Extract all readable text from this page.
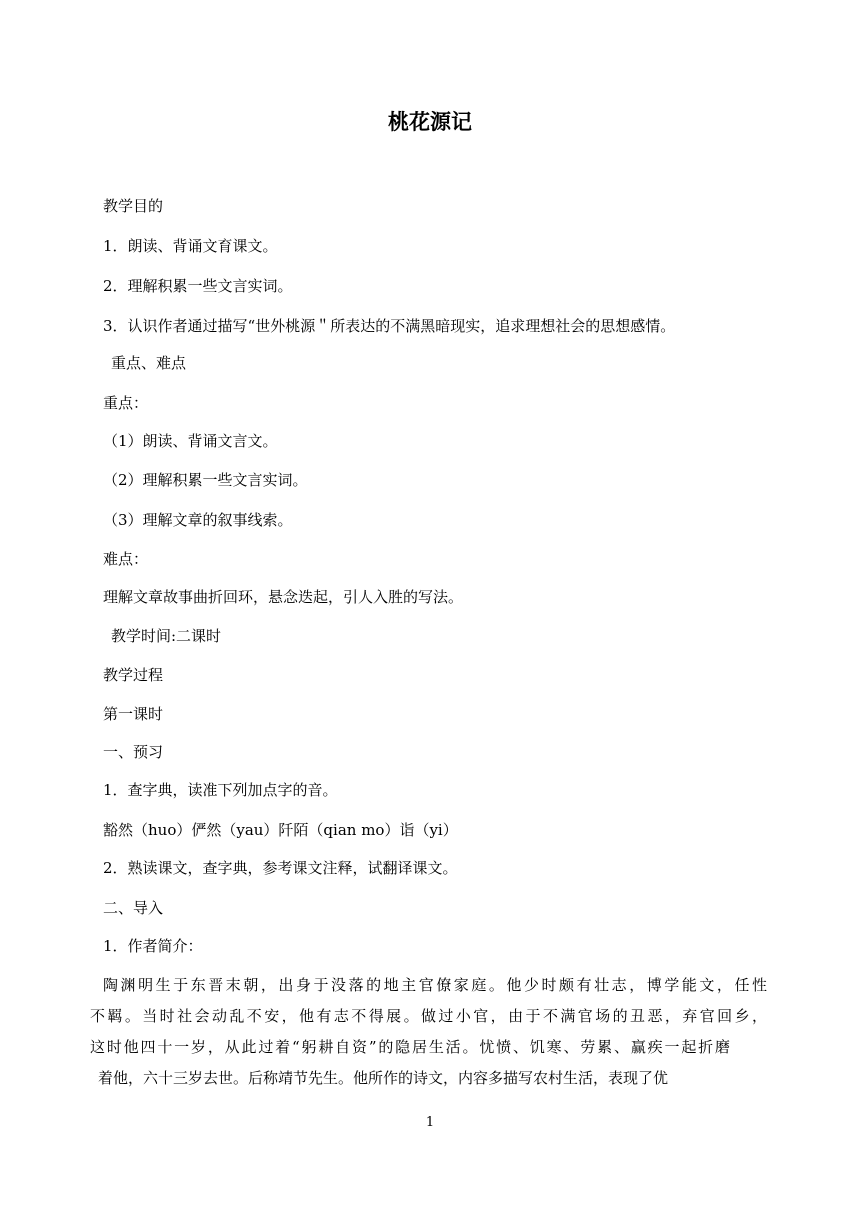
桃花源记

教学目的

1．朗读、背诵文育课文。

2．理解积累一些文言实词。

3．认识作者通过描写“世外桃源＂所表达的不满黑暗现实，追求理想社会的思想感情。

重点、难点

重点：

（1）朗读、背诵文言文。

（2）理解积累一些文言实词。

（3）理解文章的叙事线索。

难点：

理解文章故事曲折回环，悬念迭起，引人入胜的写法。

教学时间:二课时

教学过程

第一课时

一、预习

1．查字典，读准下列加点字的音。

豁然（huo）俨然（yau）阡陌（qian mo）诣（yi）

2．熟读课文，查字典，参考课文注释，试翻译课文。

二、导入

1．作者简介：

陶渊明生于东晋末朝，出身于没落的地主官僚家庭。他少时颇有壮志，博学能文，任性
不羁。当时社会动乱不安，他有志不得展。做过小官，由于不满官场的丑恶，弃官回乡，
这时他四十一岁，从此过着“躬耕自资”的隐居生活。忧愤、饥寒、劳累、赢疾一起折磨
着他，六十三岁去世。后称靖节先生。他所作的诗文，内容多描写农村生活，表现了优
1
